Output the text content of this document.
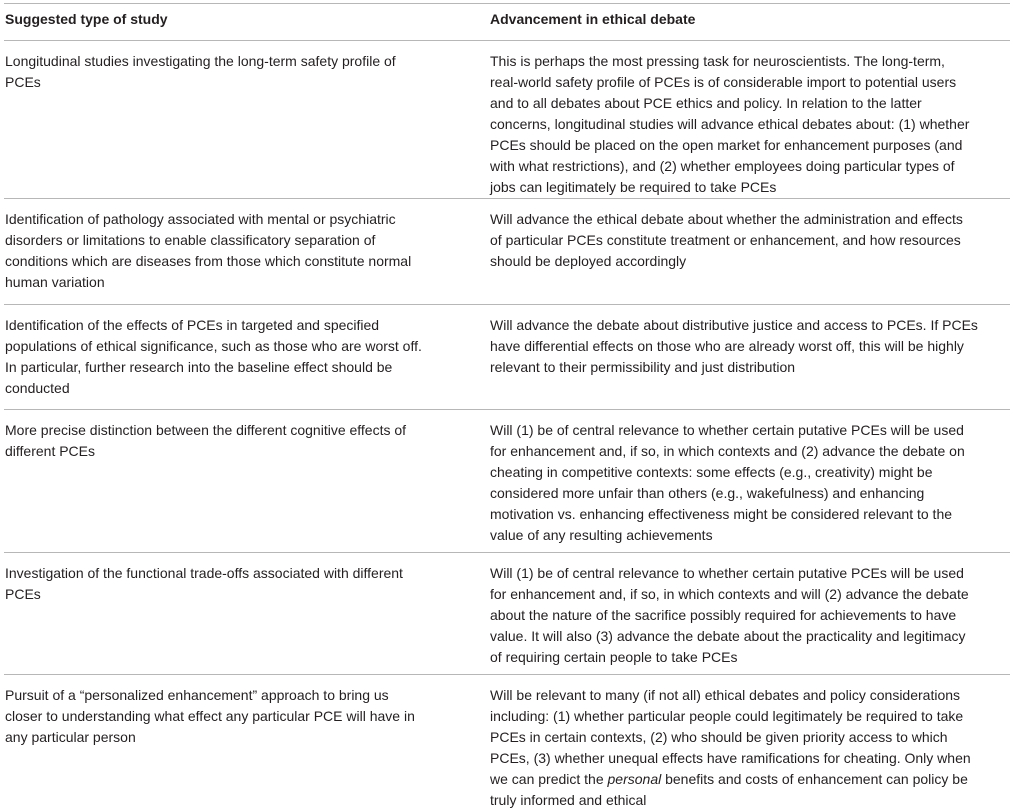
Suggested type of study	Advancement in ethical debate
Longitudinal studies investigating the long-term safety profile of
PCEs
This is perhaps the most pressing task for neuroscientists. The long-term,
real-world safety profile of PCEs is of considerable import to potential users
and to all debates about PCE ethics and policy. In relation to the latter
concerns, longitudinal studies will advance ethical debates about: (1) whether
PCEs should be placed on the open market for enhancement purposes (and
with what restrictions), and (2) whether employees doing particular types of
jobs can legitimately be required to take PCEs
Identification of pathology associated with mental or psychiatric
disorders or limitations to enable classificatory separation of
conditions which are diseases from those which constitute normal
human variation
Will advance the ethical debate about whether the administration and effects
of particular PCEs constitute treatment or enhancement, and how resources
should be deployed accordingly
Identification of the effects of PCEs in targeted and specified
populations of ethical significance, such as those who are worst off.
In particular, further research into the baseline effect should be
conducted
Will advance the debate about distributive justice and access to PCEs. If PCEs
have differential effects on those who are already worst off, this will be highly
relevant to their permissibility and just distribution
More precise distinction between the different cognitive effects of
different PCEs
Will (1) be of central relevance to whether certain putative PCEs will be used
for enhancement and, if so, in which contexts and (2) advance the debate on
cheating in competitive contexts: some effects (e.g., creativity) might be
considered more unfair than others (e.g., wakefulness) and enhancing
motivation vs. enhancing effectiveness might be considered relevant to the
value of any resulting achievements
Investigation of the functional trade-offs associated with different
PCEs
Will (1) be of central relevance to whether certain putative PCEs will be used
for enhancement and, if so, in which contexts and will (2) advance the debate
about the nature of the sacrifice possibly required for achievements to have
value. It will also (3) advance the debate about the practicality and legitimacy
of requiring certain people to take PCEs
Pursuit of a “personalized enhancement” approach to bring us
closer to understanding what effect any particular PCE will have in
any particular person
Will be relevant to many (if not all) ethical debates and policy considerations
including: (1) whether particular people could legitimately be required to take
PCEs in certain contexts, (2) who should be given priority access to which
PCEs, (3) whether unequal effects have ramifications for cheating. Only when
we can predict the personal benefits and costs of enhancement can policy be
truly informed and ethical
